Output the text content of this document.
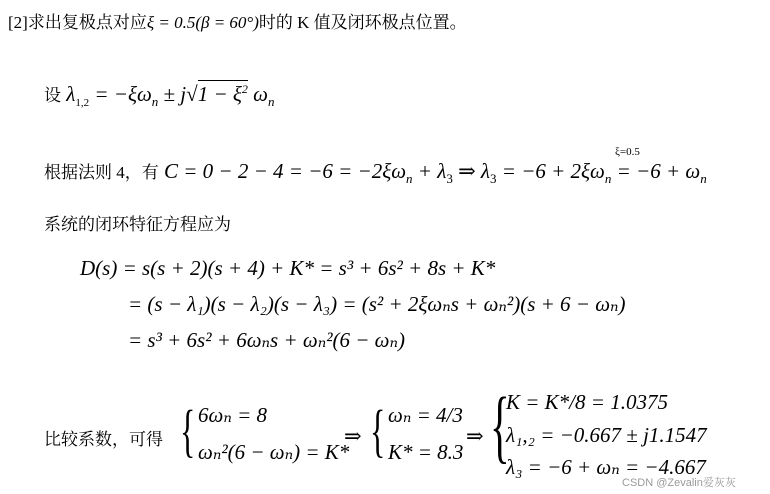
[2]求出复极点对应ξ = 0.5(β = 60°)时的 K 值及闭环极点位置。
设 $\lambda_{1,2} = -\xi\omega_n \pm j√1 - \xi^2$ $\omega_n$
ξ=0.5
根据法则 4，有 $C = 0 - 2 - 4 = -6 = -2\xi\omega_n + \lambda_3$ ⇒ $\lambda_3 = -6 + 2\xi\omega_n = -6 + \omega_n$
系统的闭环特征方程应为
D(s) = s(s + 2)(s + 4) + K* = s³ + 6s² + 8s + K*
= (s − λ₁)(s − λ₂)(s − λ₃) = (s² + 2ξωₙs + ωₙ²)(s + 6 − ωₙ)
= s³ + 6s² + 6ωₙs + ωₙ²(6 − ωₙ)
比较系数，可得 { 6ωₙ = 8
ωₙ²(6 − ωₙ) = K*
⇒ { ωₙ = 4/3
K* = 8.3
⇒ {
K = K*/8 = 1.0375
λ₁,₂ = −0.667 ± j1.1547
λ₃ = −6 + ωₙ = −4.667
CSDN @Zevalin爱灰灰
